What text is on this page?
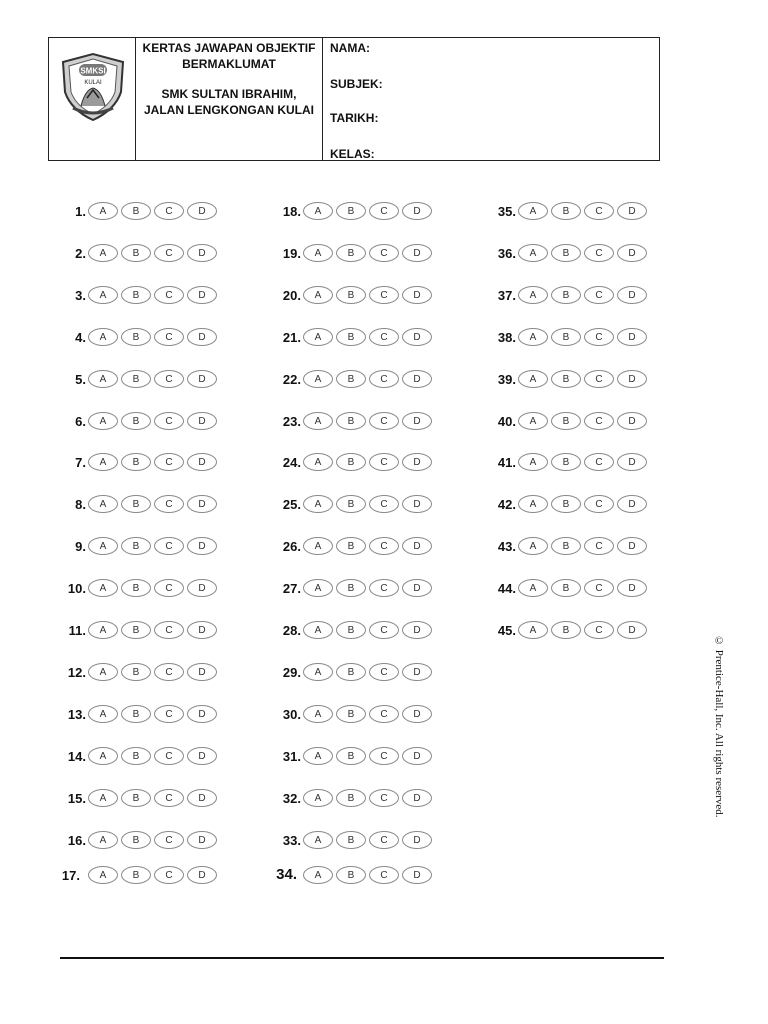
SMKSI
KULAI
KERTAS JAWAPAN OBJEKTIF
BERMAKLUMAT
SMK SULTAN IBRAHIM,
JALAN LENGKONGAN KULAI
NAMA:
SUBJEK:
TARIKH:
KELAS:
1.	A	B	C	D
2.	A	B	C	D
3.	A	B	C	D
4.	A	B	C	D
5.	A	B	C	D
6.	A	B	C	D
7.	A	B	C	D
8.	A	B	C	D
9.	A	B	C	D
10.	A	B	C	D
11.	A	B	C	D
12.	A	B	C	D
13.	A	B	C	D
14.	A	B	C	D
15.	A	B	C	D
16.	A	B	C	D
17.	A	B	C	D
18.	A	B	C	D
19.	A	B	C	D
20.	A	B	C	D
21.	A	B	C	D
22.	A	B	C	D
23.	A	B	C	D
24.	A	B	C	D
25.	A	B	C	D
26.	A	B	C	D
27.	A	B	C	D
28.	A	B	C	D
29.	A	B	C	D
30.	A	B	C	D
31.	A	B	C	D
32.	A	B	C	D
33.	A	B	C	D
34.	A	B	C	D
35.	A	B	C	D
36.	A	B	C	D
37.	A	B	C	D
38.	A	B	C	D
39.	A	B	C	D
40.	A	B	C	D
41.	A	B	C	D
42.	A	B	C	D
43.	A	B	C	D
44.	A	B	C	D
45.	A	B	C	D
© Prentice-Hall, Inc. All rights reserved.
